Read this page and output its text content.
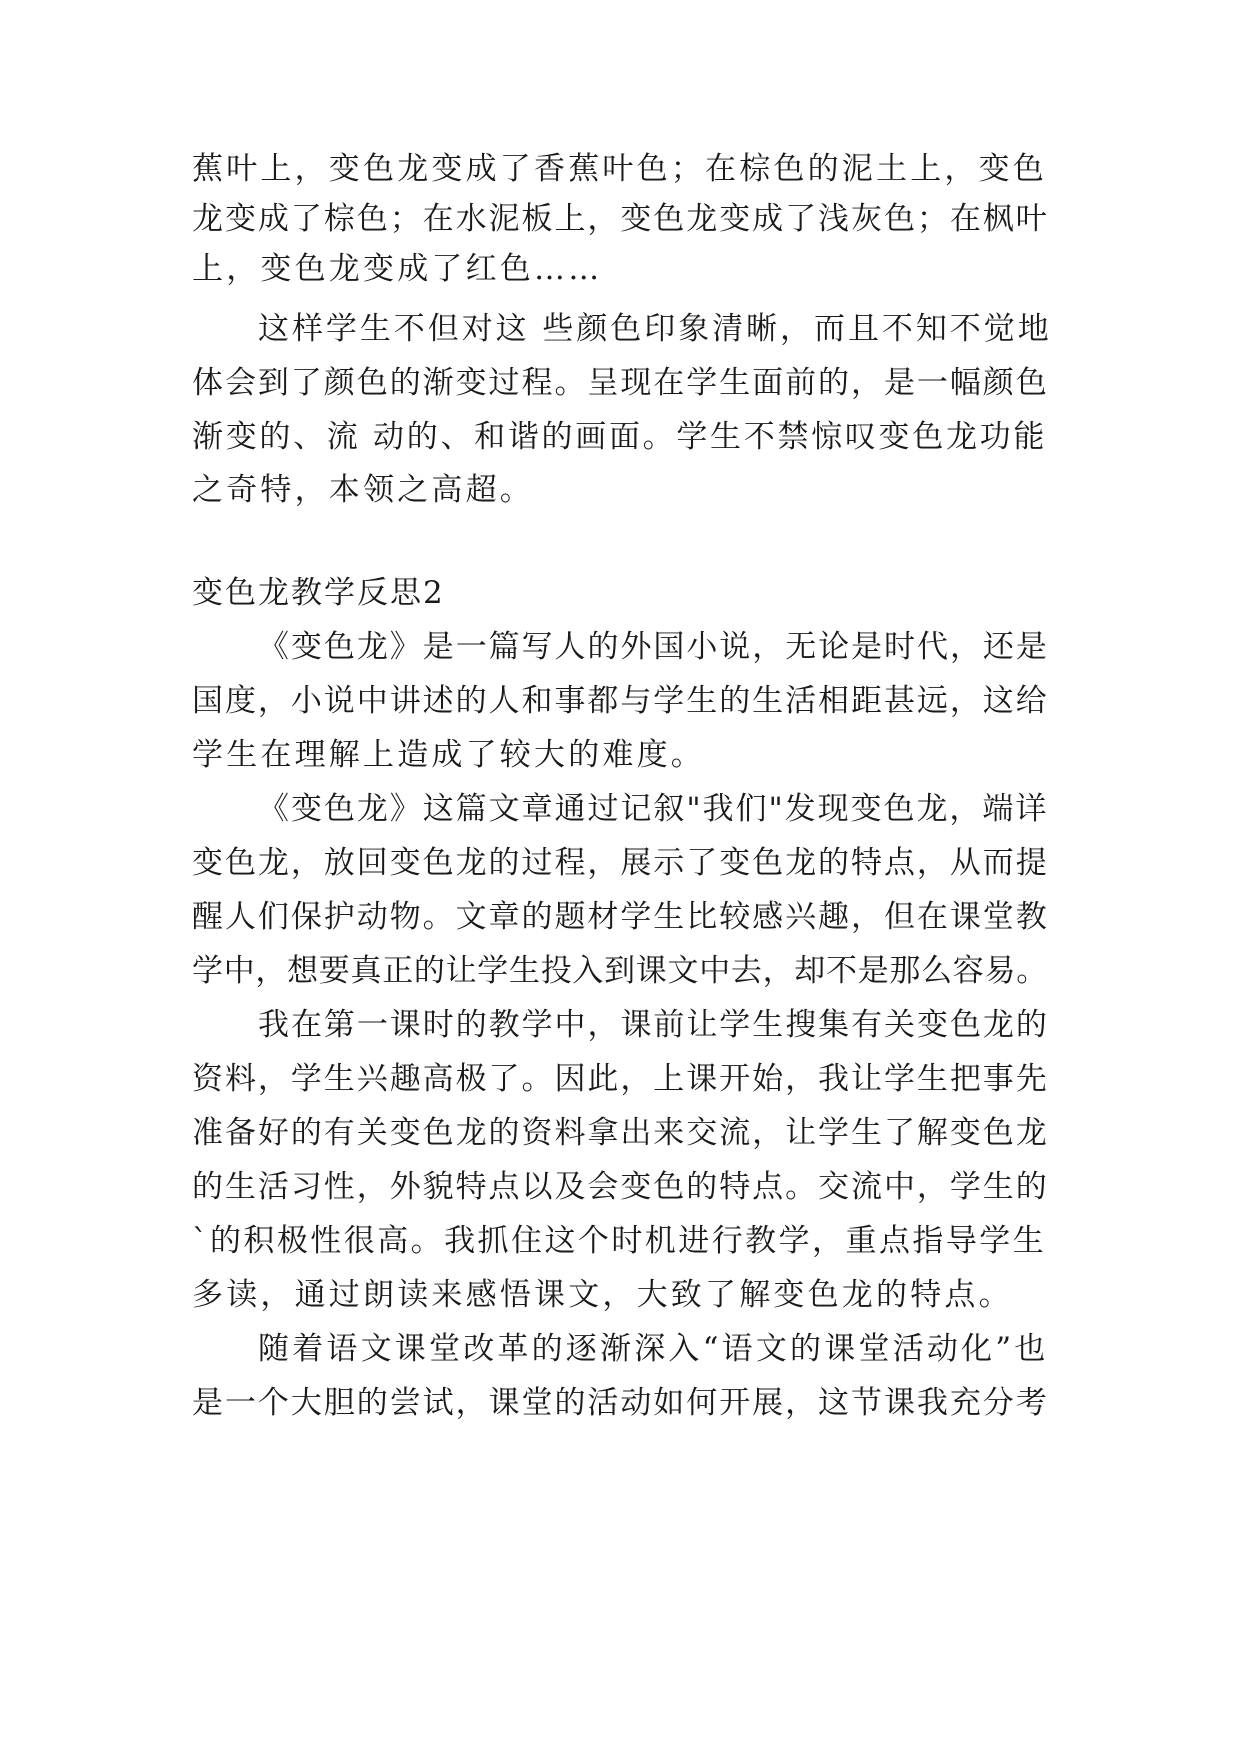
蕉叶上，变色龙变成了香蕉叶色；在棕色的泥土上，变色
龙变成了棕色；在水泥板上，变色龙变成了浅灰色；在枫叶
上，变色龙变成了红色……
这样学生不但对这 些颜色印象清晰，而且不知不觉地
体会到了颜色的渐变过程。呈现在学生面前的，是一幅颜色
渐变的、流 动的、和谐的画面。学生不禁惊叹变色龙功能
之奇特，本领之高超。
变色龙教学反思2
《变色龙》是一篇写人的外国小说，无论是时代，还是
国度，小说中讲述的人和事都与学生的生活相距甚远，这给
学生在理解上造成了较大的难度。
《变色龙》这篇文章通过记叙"我们"发现变色龙，端详
变色龙，放回变色龙的过程，展示了变色龙的特点，从而提
醒人们保护动物。文章的题材学生比较感兴趣，但在课堂教
学中，想要真正的让学生投入到课文中去，却不是那么容易。
我在第一课时的教学中，课前让学生搜集有关变色龙的
资料，学生兴趣高极了。因此，上课开始，我让学生把事先
准备好的有关变色龙的资料拿出来交流，让学生了解变色龙
的生活习性，外貌特点以及会变色的特点。交流中，学生的
`的积极性很高。我抓住这个时机进行教学，重点指导学生
多读，通过朗读来感悟课文，大致了解变色龙的特点。
随着语文课堂改革的逐渐深入“语文的课堂活动化”也
是一个大胆的尝试，课堂的活动如何开展，这节课我充分考
